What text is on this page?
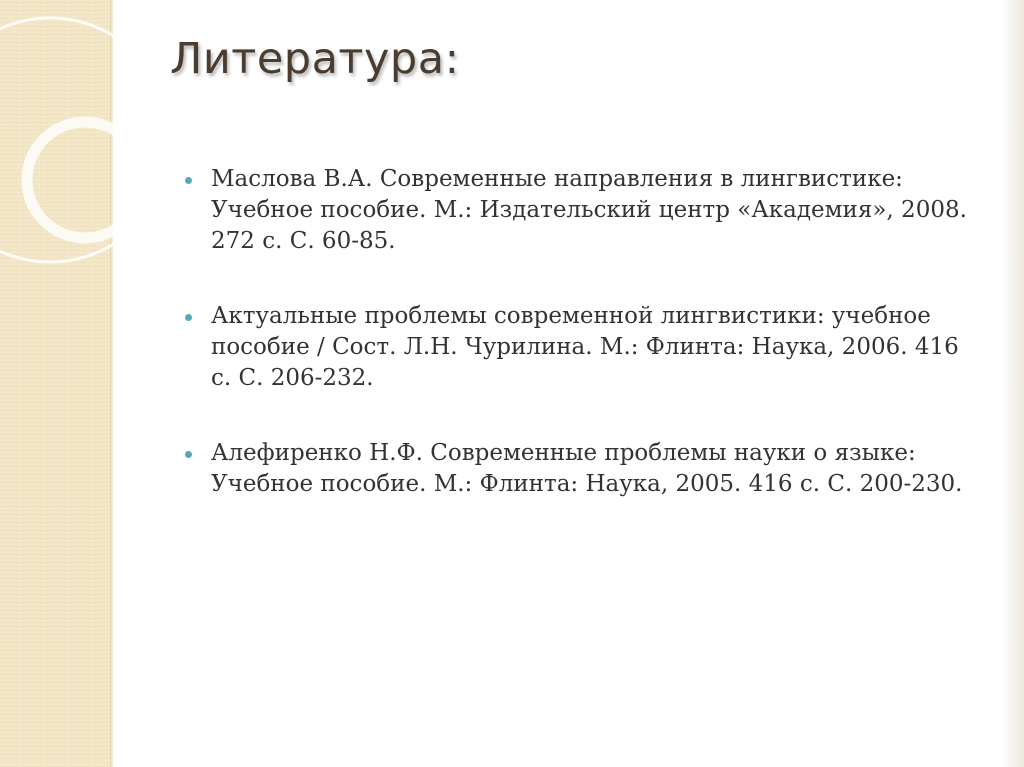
Литература:
Маслова В.А. Современные направления в лингвистике: Учебное пособие. М.: Издательский центр «Академия», 2008. 272 с. С. 60-85.
Актуальные проблемы современной лингвистики: учебное пособие / Сост. Л.Н. Чурилина. М.: Флинта: Наука, 2006. 416 с. С. 206-232.
Алефиренко Н.Ф. Современные проблемы науки о языке: Учебное пособие. М.: Флинта: Наука, 2005. 416 с. С. 200-230.
